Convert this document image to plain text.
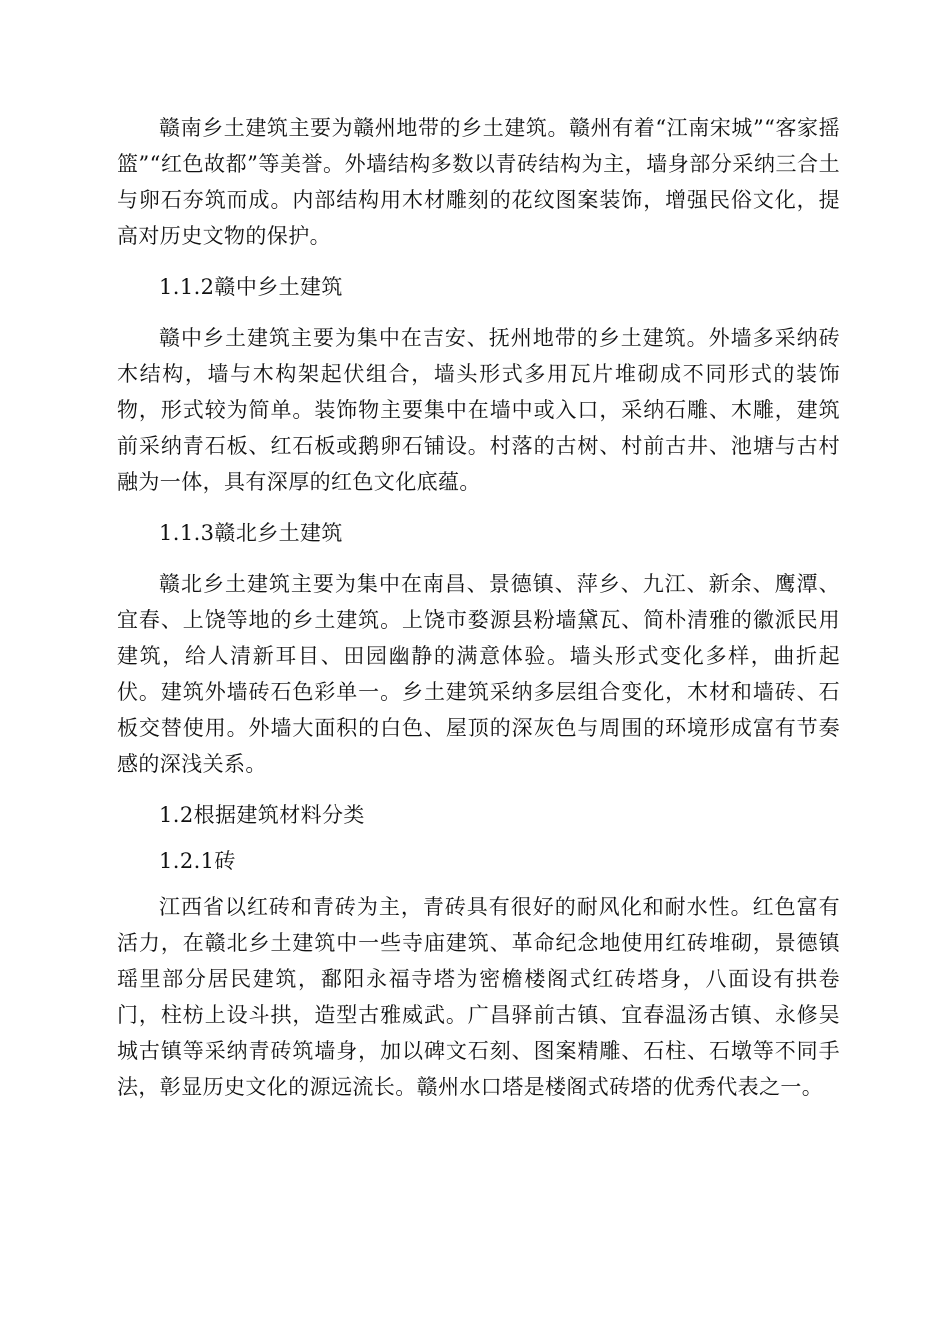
赣南乡土建筑主要为赣州地带的乡土建筑。赣州有着“江南宋城”“客家摇篮”“红色故都”等美誉。外墙结构多数以青砖结构为主，墙身部分采纳三合土与卵石夯筑而成。内部结构用木材雕刻的花纹图案装饰，增强民俗文化，提高对历史文物的保护。

1.1.2赣中乡土建筑

赣中乡土建筑主要为集中在吉安、抚州地带的乡土建筑。外墙多采纳砖木结构，墙与木构架起伏组合，墙头形式多用瓦片堆砌成不同形式的装饰物，形式较为简单。装饰物主要集中在墙中或入口，采纳石雕、木雕，建筑前采纳青石板、红石板或鹅卵石铺设。村落的古树、村前古井、池塘与古村融为一体，具有深厚的红色文化底蕴。

1.1.3赣北乡土建筑

赣北乡土建筑主要为集中在南昌、景德镇、萍乡、九江、新余、鹰潭、宜春、上饶等地的乡土建筑。上饶市婺源县粉墙黛瓦、简朴清雅的徽派民用建筑，给人清新耳目、田园幽静的满意体验。墙头形式变化多样，曲折起伏。建筑外墙砖石色彩单一。乡土建筑采纳多层组合变化，木材和墙砖、石板交替使用。外墙大面积的白色、屋顶的深灰色与周围的环境形成富有节奏感的深浅关系。

1.2根据建筑材料分类

1.2.1砖

江西省以红砖和青砖为主，青砖具有很好的耐风化和耐水性。红色富有活力，在赣北乡土建筑中一些寺庙建筑、革命纪念地使用红砖堆砌，景德镇瑶里部分居民建筑，鄱阳永福寺塔为密檐楼阁式红砖塔身，八面设有拱卷门，柱枋上设斗拱，造型古雅威武。广昌驿前古镇、宜春温汤古镇、永修吴城古镇等采纳青砖筑墙身，加以碑文石刻、图案精雕、石柱、石墩等不同手法，彰显历史文化的源远流长。赣州水口塔是楼阁式砖塔的优秀代表之一。
